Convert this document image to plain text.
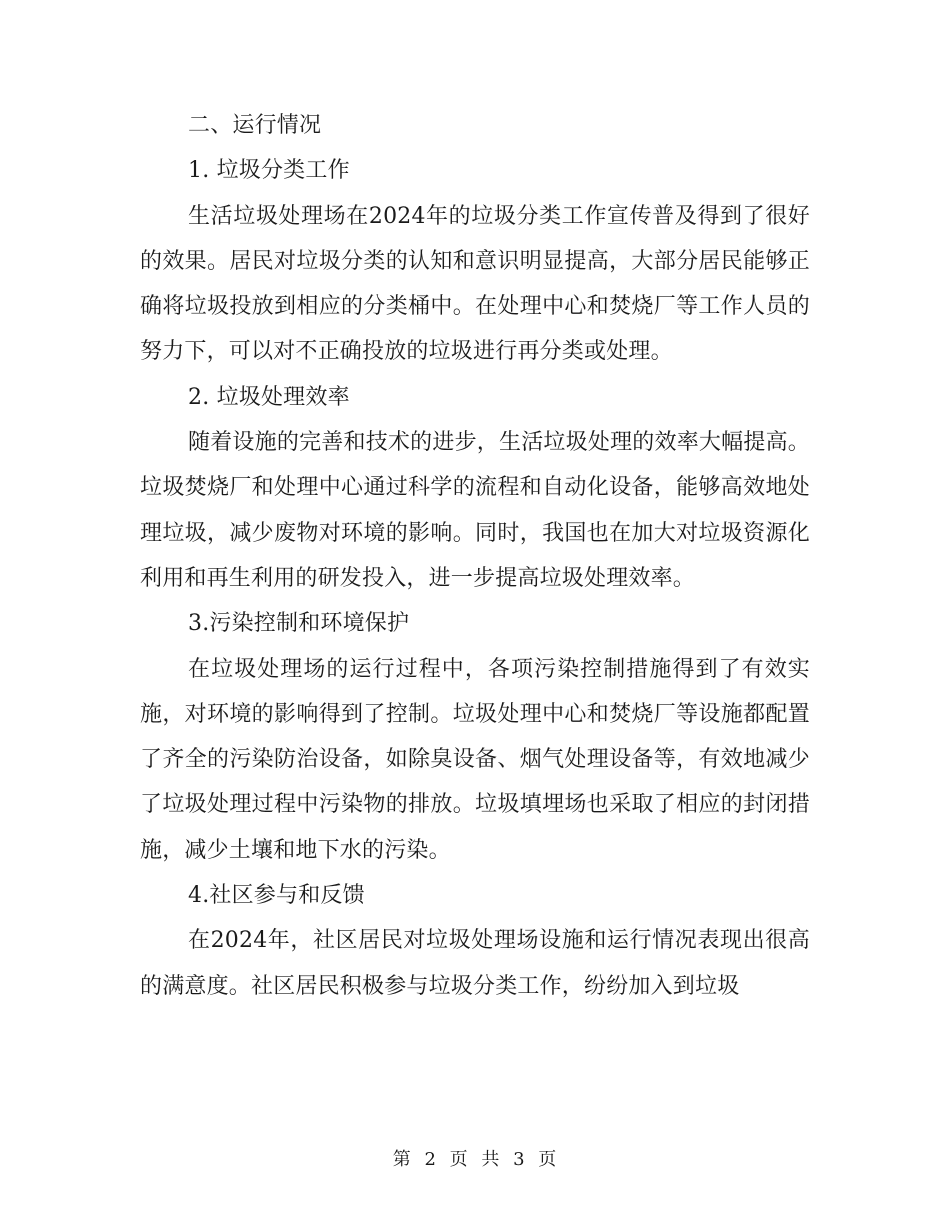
二、运行情况
1. 垃圾分类工作

生活垃圾处理场在2024年的垃圾分类工作宣传普及得到了很好的效果。居民对垃圾分类的认知和意识明显提高，大部分居民能够正确将垃圾投放到相应的分类桶中。在处理中心和焚烧厂等工作人员的努力下，可以对不正确投放的垃圾进行再分类或处理。

2. 垃圾处理效率

随着设施的完善和技术的进步，生活垃圾处理的效率大幅提高。垃圾焚烧厂和处理中心通过科学的流程和自动化设备，能够高效地处理垃圾，减少废物对环境的影响。同时，我国也在加大对垃圾资源化利用和再生利用的研发投入，进一步提高垃圾处理效率。

3.污染控制和环境保护

在垃圾处理场的运行过程中，各项污染控制措施得到了有效实施，对环境的影响得到了控制。垃圾处理中心和焚烧厂等设施都配置了齐全的污染防治设备，如除臭设备、烟气处理设备等，有效地减少了垃圾处理过程中污染物的排放。垃圾填埋场也采取了相应的封闭措施，减少土壤和地下水的污染。

4.社区参与和反馈

在2024年，社区居民对垃圾处理场设施和运行情况表现出很高的满意度。社区居民积极参与垃圾分类工作，纷纷加入到垃圾

第 2 页 共 3 页
